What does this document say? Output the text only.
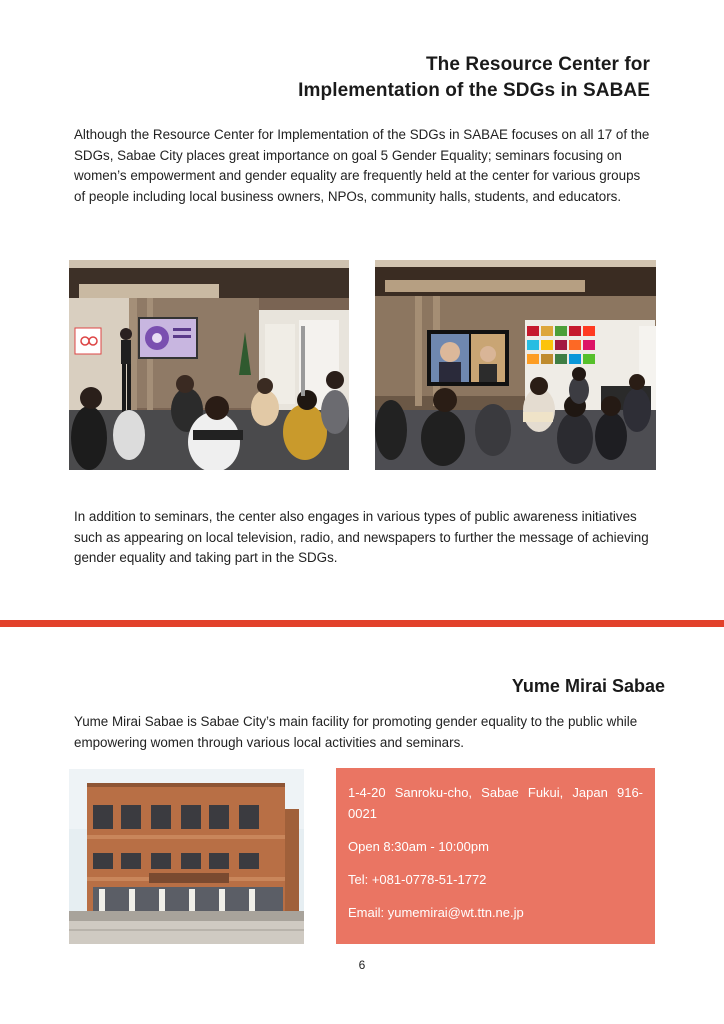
The Resource Center for
Implementation of the SDGs in SABAE
Although the Resource Center for Implementation of the SDGs in SABAE focuses on all 17 of the SDGs, Sabae City places great importance on goal 5 Gender Equality; seminars focusing on women’s empowerment and gender equality are frequently held at the center for various groups of people including local business owners, NPOs, community halls, students, and educators.
In addition to seminars, the center also engages in various types of public awareness initiatives such as appearing on local television, radio, and newspapers to further the message of achieving gender equality and taking part in the SDGs.
Yume Mirai Sabae
Yume Mirai Sabae is Sabae City’s main facility for promoting gender equality to the public while empowering women through various local activities and seminars.
1-4-20 Sanroku-cho, Sabae Fukui, Japan 916-0021
Open 8:30am - 10:00pm
Tel: +081-0778-51-1772
Email: yumemirai@wt.ttn.ne.jp
6
